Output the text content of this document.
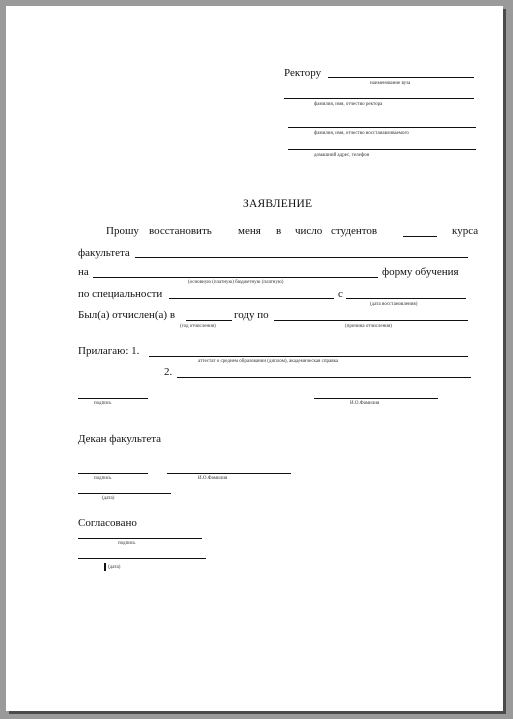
Ректору
наименование вуза
фамилия, имя, отчество ректора
фамилия, имя, отчество восстанавливаемого
домашний адрес, телефон
ЗАЯВЛЕНИЕ
Прошу восстановить меня в число студентов	курса
факультета
на
(основную (платную) бюджетную (платную)
форму обучения
по специальности	с
(дата восстановления)
Был(а) отчислен(а) в	году по
(год отчисления)	(причина отчисления)
Прилагаю: 1.
аттестат о среднем образовании (диплом), академическая справка
2.
подпись	И.О.Фамилия
Декан факультета
подпись	И.О.Фамилия
(дата)
Согласовано
подпись
(дата)
